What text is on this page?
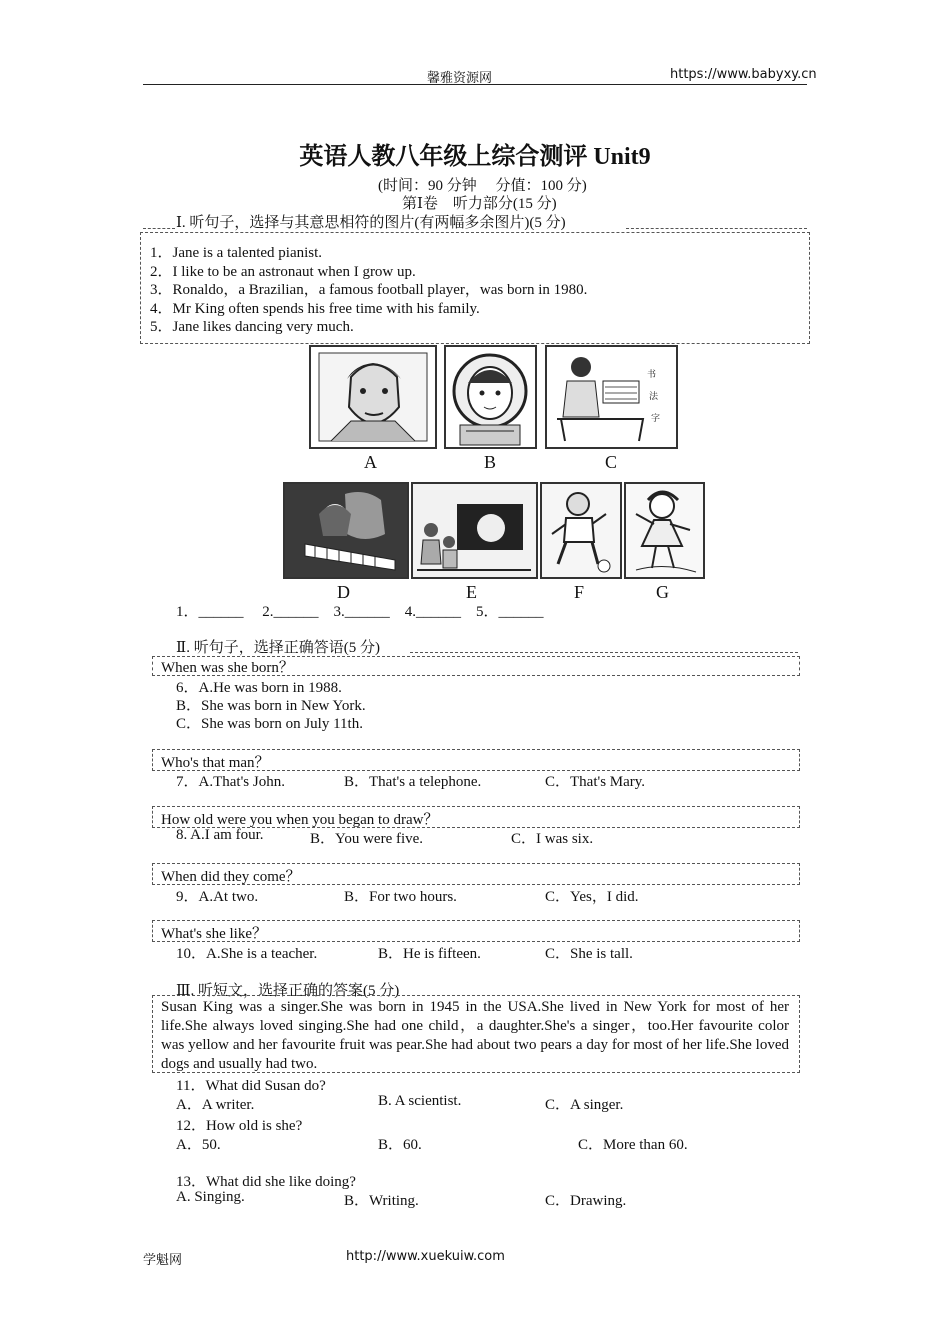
馨雅资源网	https://www.babyxy.cn
英语人教八年级上综合测评 Unit9
(时间：90 分钟　 分值：100 分)
第Ⅰ卷　听力部分(15 分)
Ⅰ. 听句子，选择与其意思相符的图片(有两幅多余图片)(5 分)
1．Jane is a talented pianist.
2．I like to be an astronaut when I grow up.
3．Ronaldo，a Brazilian，a famous football player，was born in 1980.
4．Mr King often spends his free time with his family.
5．Jane likes dancing very much.
书
法
字
A	B	C
D	E	F	G
1．______　 2.______　3.______　4.______　5．______
Ⅱ. 听句子，选择正确答语(5 分)
When was she born？
6．A.He was born in 1988.
B．She was born in New York.
C．She was born on July 11th.
Who's that man？
7．A.That's John.	B．That's a telephone.	C．That's Mary.
How old were you when you began to draw？
8. A.I am four.	B．You were five.	C．I was six.
When did they come？
9．A.At two.	B．For two hours.	C．Yes，I did.
What's she like？
10．A.She is a teacher.	B．He is fifteen.	C．She is tall.
Ⅲ. 听短文，选择正确的答案(5 分)
Susan King was a singer.She was born in 1945 in the USA.She lived in New York for most of her life.She always loved singing.She had one child，a daughter.She's a singer，too.Her favourite color was yellow and her favourite fruit was pear.She had about two pears a day for most of her life.She loved dogs and usually had two.
11．What did Susan do?
A．A writer.	B. A scientist.	C．A singer.
12．How old is she?
A．50.	B．60.	C．More than 60.
13．What did she like doing?
A. Singing.	B．Writing.	C．Drawing.
学魁网	http://www.xuekuiw.com
